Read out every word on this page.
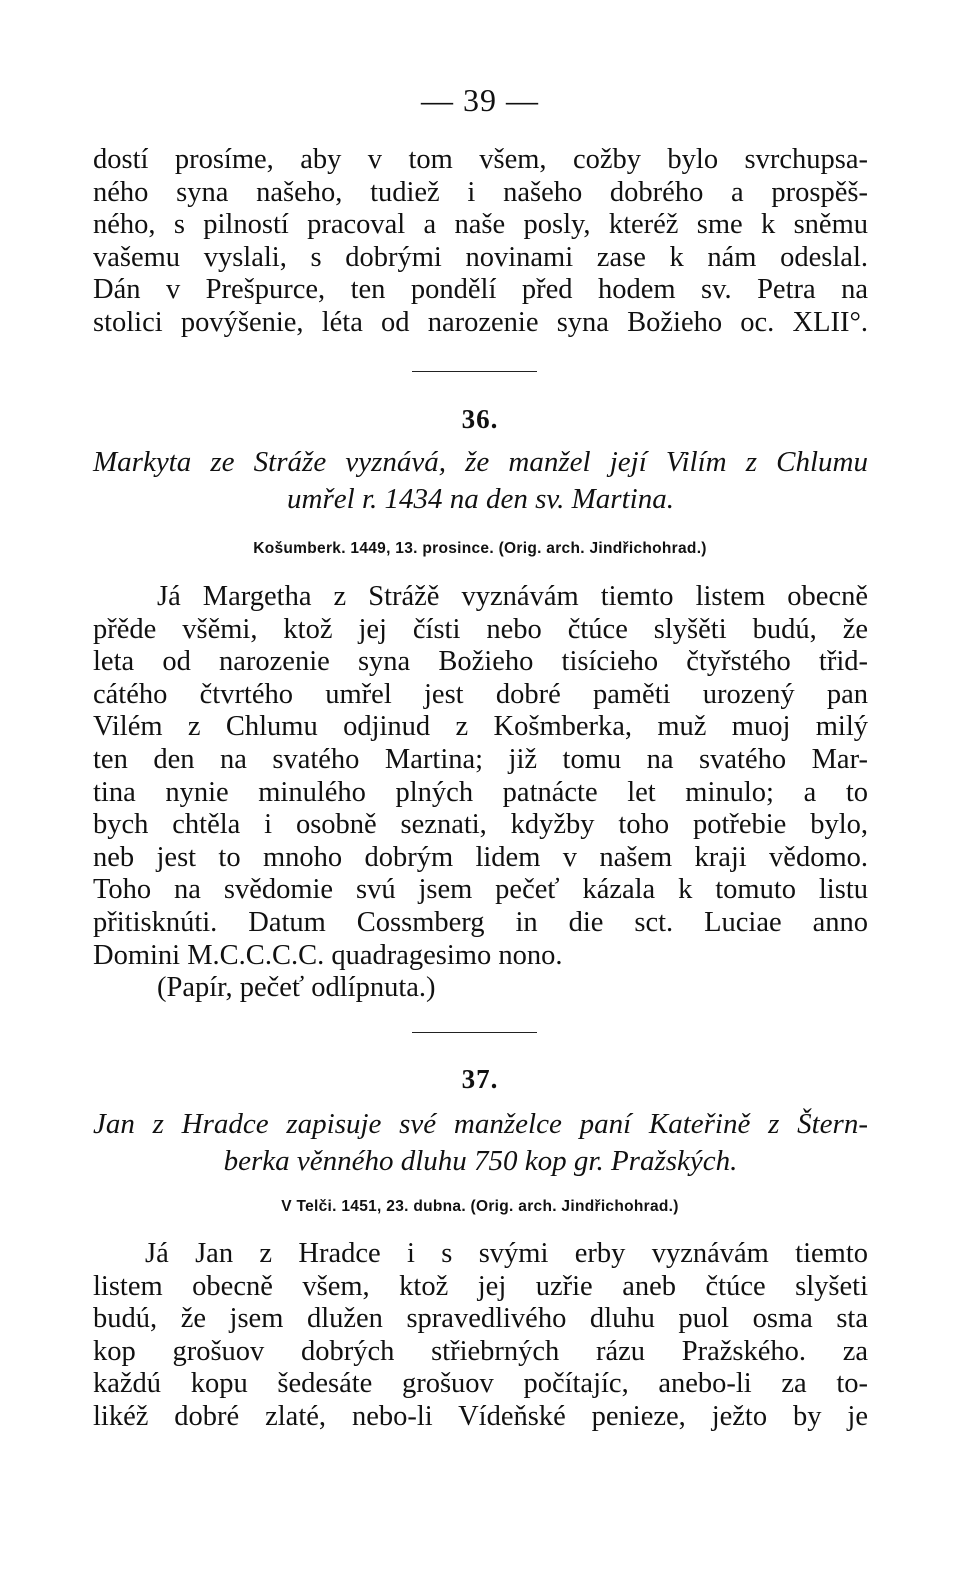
— 39 —
dostí prosíme, aby v tom všem, cožby bylo svrchupsa-
ného syna našeho, tudiež i našeho dobrého a prospěš-
ného, s pilností pracoval a naše posly, kteréž sme k sněmu
vašemu vyslali, s dobrými novinami zase k nám odeslal.
Dán v Prešpurce, ten pondělí před hodem sv. Petra na
stolici povýšenie, léta od narozenie syna Božieho oc. XLII°.
36.
Markyta ze Stráže vyznává, že manžel její Vilím z Chlumu
umřel r. 1434 na den sv. Martina.
Košumberk. 1449, 13. prosince. (Orig. arch. Jindřichohrad.)
Já Margetha z Strážě vyznávám tiemto listem obecně
přěde všěmi, ktož jej čísti nebo čtúce slyšěti budú, že
leta od narozenie syna Božieho tisícieho čtyřstého třid-
cátého čtvrtého umřel jest dobré paměti urozený pan
Vilém z Chlumu odjinud z Košmberka, muž muoj milý
ten den na svatého Martina; již tomu na svatého Mar-
tina nynie minulého plných patnácte let minulo; a to
bych chtěla i osobně seznati, kdyžby toho potřebie bylo,
neb jest to mnoho dobrým lidem v našem kraji vědomo.
Toho na svědomie svú jsem pečeť kázala k tomuto listu
přitisknúti. Datum Cossmberg in die sct. Luciae anno
Domini M.C.C.C.C. quadragesimo nono.
(Papír, pečeť odlípnuta.)
37.
Jan z Hradce zapisuje své manželce paní Kateřině z Štern-
berka věnného dluhu 750 kop gr. Pražských.
V Telči. 1451, 23. dubna. (Orig. arch. Jindřichohrad.)
Já Jan z Hradce i s svými erby vyznávám tiemto
listem obecně všem, ktož jej uzřie aneb čtúce slyšeti
budú, že jsem dlužen spravedlivého dluhu puol osma sta
kop grošuov dobrých střiebrných rázu Pražského. za
každú kopu šedesáte grošuov počítajíc, anebo-li za to-
likéž dobré zlaté, nebo-li Vídeňské penieze, ježto by je
